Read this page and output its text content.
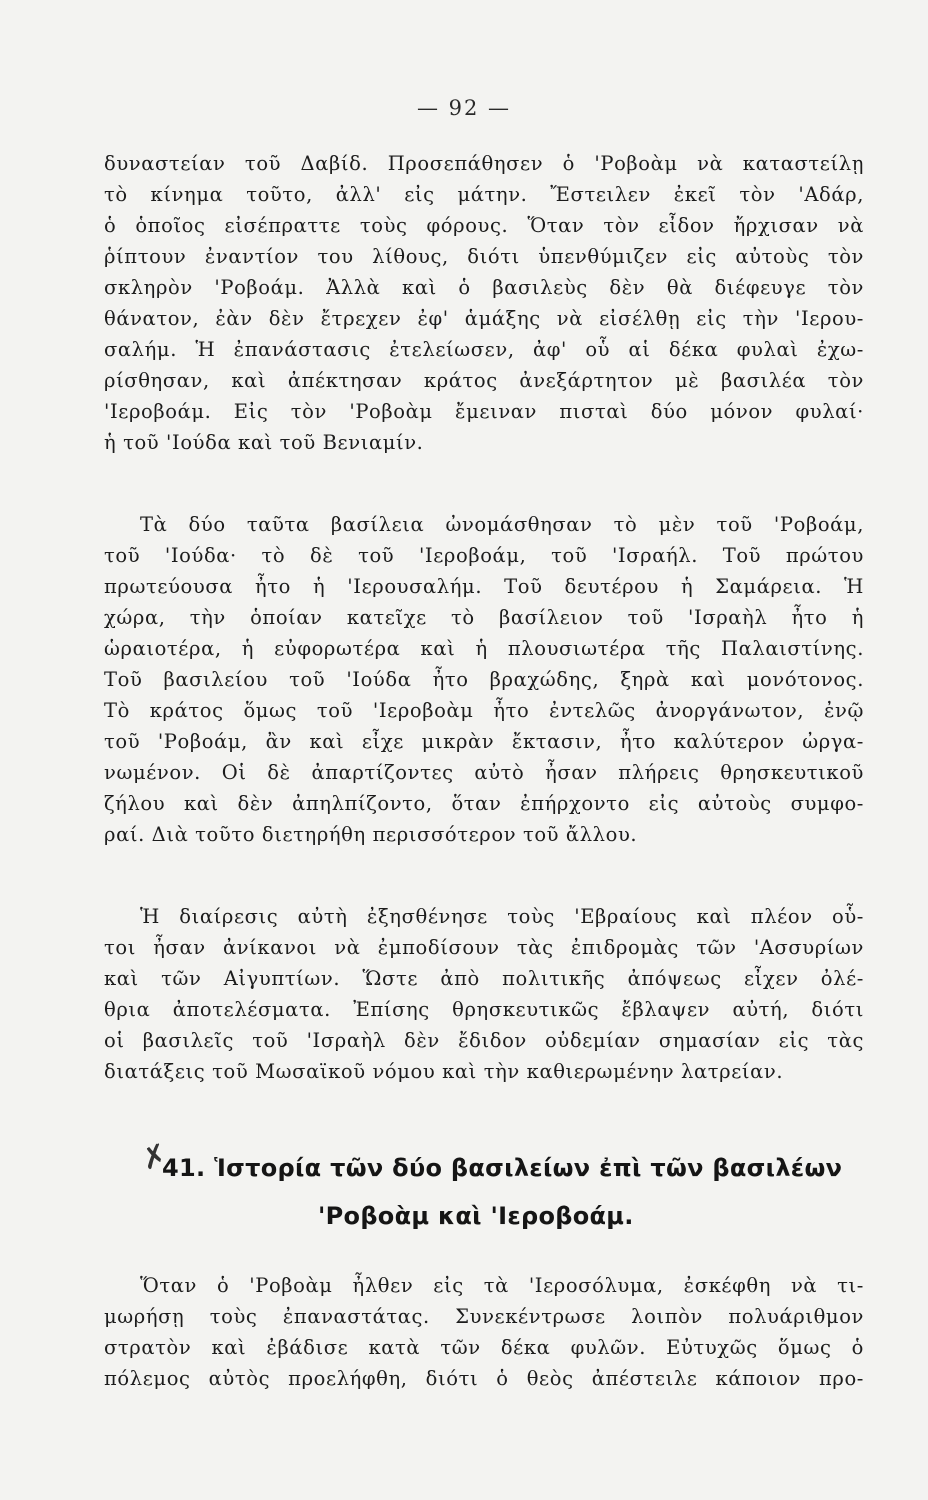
— 92 —
δυναστείαν τοῦ Δαβίδ. Προσεπάθησεν ὁ 'Ροβοὰμ νὰ καταστείλῃ
τὸ κίνημα τοῦτο, ἀλλ' εἰς μάτην. Ἔστειλεν ἐκεῖ τὸν 'Αδάρ,
ὁ ὁποῖος εἰσέπραττε τοὺς φόρους. Ὅταν τὸν εἶδον ἤρχισαν νὰ
ῥίπτουν ἐναντίον του λίθους, διότι ὑπενθύμιζεν εἰς αὐτοὺς τὸν
σκληρὸν 'Ροβοάμ. Ἀλλὰ καὶ ὁ βασιλεὺς δὲν θὰ διέφευγε τὸν
θάνατον, ἐὰν δὲν ἔτρεχεν ἐφ' ἁμάξης νὰ εἰσέλθῃ εἰς τὴν 'Ιερου-
σαλήμ. Ἡ ἐπανάστασις ἐτελείωσεν, ἀφ' οὗ αἱ δέκα φυλαὶ ἐχω-
ρίσθησαν, καὶ ἀπέκτησαν κράτος ἀνεξάρτητον μὲ βασιλέα τὸν
'Ιεροβοάμ. Εἰς τὸν 'Ροβοὰμ ἔμειναν πισταὶ δύο μόνον φυλαί·
ἡ τοῦ 'Ιούδα καὶ τοῦ Βενιαμίν.
Τὰ δύο ταῦτα βασίλεια ὠνομάσθησαν τὸ μὲν τοῦ 'Ροβοάμ,
τοῦ 'Ιούδα· τὸ δὲ τοῦ 'Ιεροβοάμ, τοῦ 'Ισραήλ. Τοῦ πρώτου
πρωτεύουσα ἦτο ἡ 'Ιερουσαλήμ. Τοῦ δευτέρου ἡ Σαμάρεια. Ἡ
χώρα, τὴν ὁποίαν κατεῖχε τὸ βασίλειον τοῦ 'Ισραὴλ ἦτο ἡ
ὡραιοτέρα, ἡ εὐφορωτέρα καὶ ἡ πλουσιωτέρα τῆς Παλαιστίνης.
Τοῦ βασιλείου τοῦ 'Ιούδα ἦτο βραχώδης, ξηρὰ καὶ μονότονος.
Τὸ κράτος ὅμως τοῦ 'Ιεροβοὰμ ἦτο ἐντελῶς ἀνοργάνωτον, ἐνῷ
τοῦ 'Ροβοάμ, ἂν καὶ εἶχε μικρὰν ἔκτασιν, ἦτο καλύτερον ὠργα-
νωμένον. Οἱ δὲ ἀπαρτίζοντες αὐτὸ ἦσαν πλήρεις θρησκευτικοῦ
ζήλου καὶ δὲν ἀπηλπίζοντο, ὅταν ἐπήρχοντο εἰς αὐτοὺς συμφο-
ραί. Διὰ τοῦτο διετηρήθη περισσότερον τοῦ ἄλλου.
Ἡ διαίρεσις αὐτὴ ἐξησθένησε τοὺς 'Εβραίους καὶ πλέον οὗ-
τοι ἦσαν ἀνίκανοι νὰ ἐμποδίσουν τὰς ἐπιδρομὰς τῶν 'Ασσυρίων
καὶ τῶν Αἰγυπτίων. Ὥστε ἀπὸ πολιτικῆς ἀπόψεως εἶχεν ὀλέ-
θρια ἀποτελέσματα. Ἐπίσης θρησκευτικῶς ἔβλαψεν αὐτή, διότι
οἱ βασιλεῖς τοῦ 'Ισραὴλ δὲν ἔδιδον οὐδεμίαν σημασίαν εἰς τὰς
διατάξεις τοῦ Μωσαϊκοῦ νόμου καὶ τὴν καθιερωμένην λατρείαν.
✗
41. Ἱστορία τῶν δύο βασιλείων ἐπὶ τῶν βασιλέων
'Ροβοὰμ καὶ 'Ιεροβοάμ.
Ὅταν ὁ 'Ροβοὰμ ἦλθεν εἰς τὰ 'Ιεροσόλυμα, ἐσκέφθη νὰ τι-
μωρήσῃ τοὺς ἐπαναστάτας. Συνεκέντρωσε λοιπὸν πολυάριθμον
στρατὸν καὶ ἐβάδισε κατὰ τῶν δέκα φυλῶν. Εὐτυχῶς ὅμως ὁ
πόλεμος αὐτὸς προελήφθη, διότι ὁ θεὸς ἀπέστειλε κάποιον προ-
